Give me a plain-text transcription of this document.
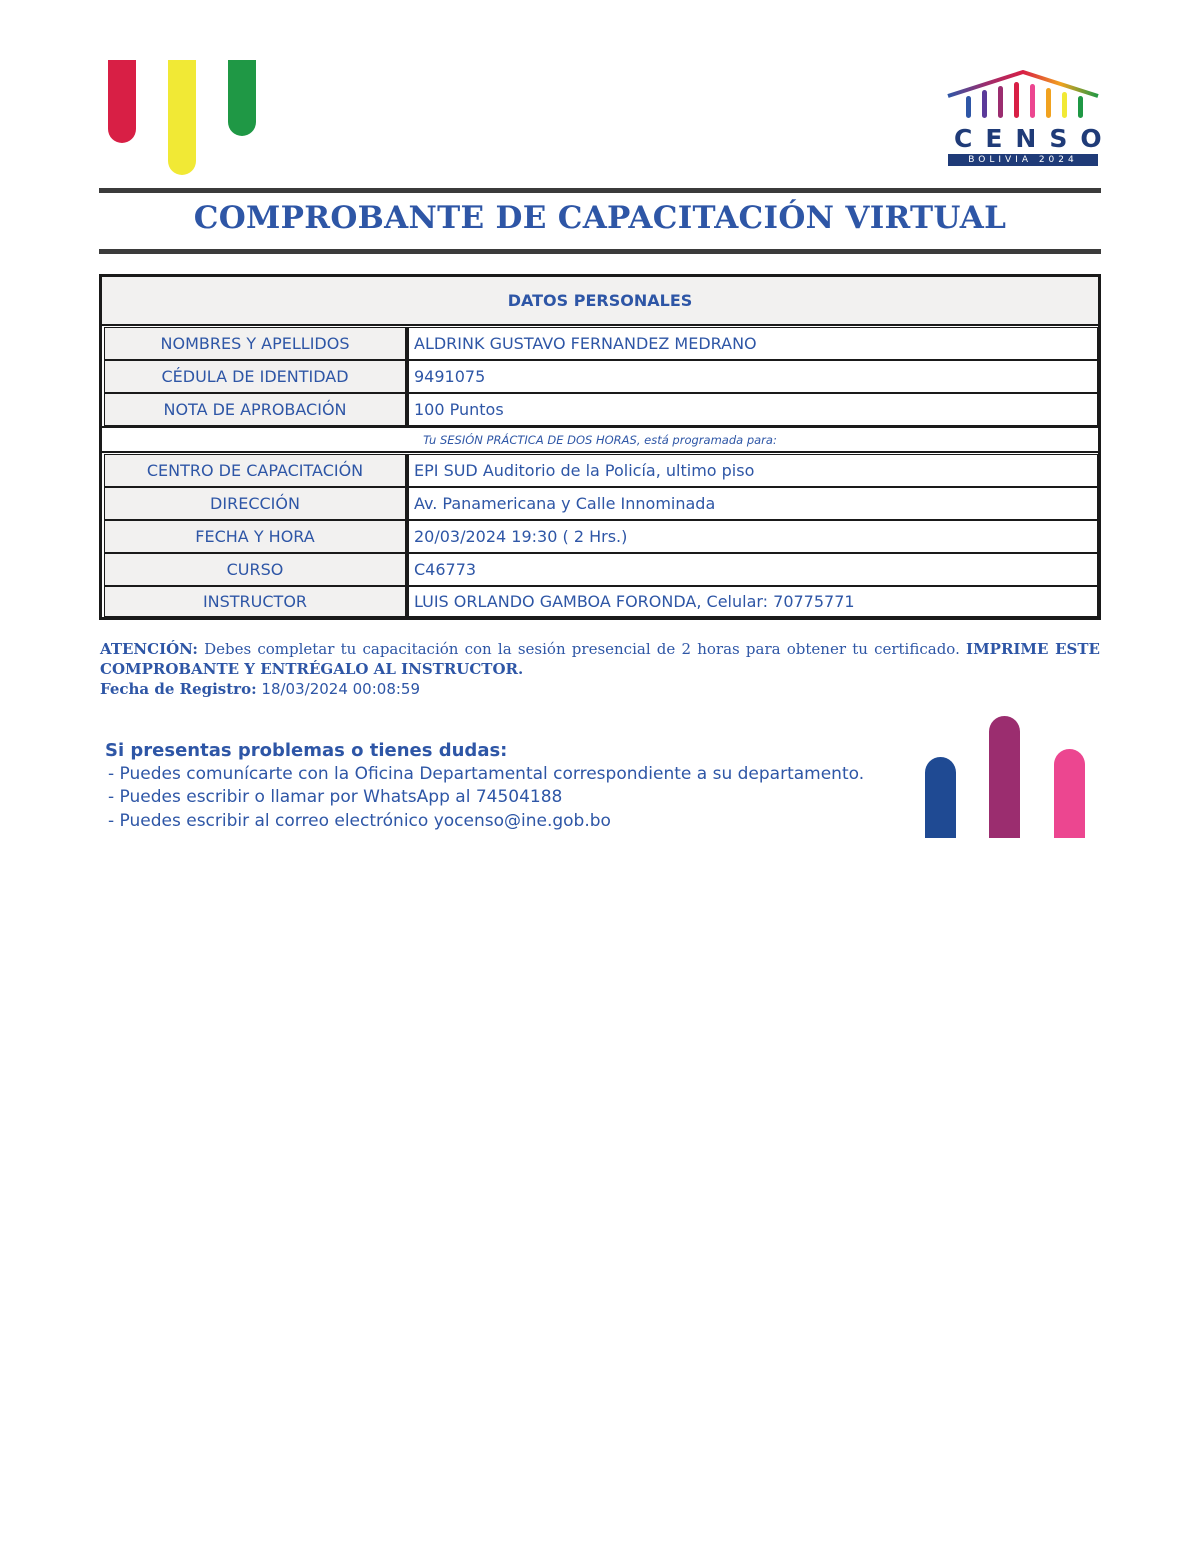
CENSO
BOLIVIA 2024
COMPROBANTE DE CAPACITACIÓN VIRTUAL
DATOS PERSONALES
NOMBRES Y APELLIDOS	ALDRINK GUSTAVO FERNANDEZ MEDRANO
CÉDULA DE IDENTIDAD	9491075
NOTA DE APROBACIÓN	100 Puntos
Tu SESIÓN PRÁCTICA DE DOS HORAS, está programada para:
CENTRO DE CAPACITACIÓN	EPI SUD Auditorio de la Policía, ultimo piso
DIRECCIÓN	Av. Panamericana y Calle Innominada
FECHA Y HORA	20/03/2024 19:30 ( 2 Hrs.)
CURSO	C46773
INSTRUCTOR	LUIS ORLANDO GAMBOA FORONDA, Celular: 70775771
ATENCIÓN: Debes completar tu capacitación con la sesión presencial de 2 horas para obtener tu certificado. IMPRIME ESTE COMPROBANTE Y ENTRÉGALO AL INSTRUCTOR.
Fecha de Registro: 18/03/2024 00:08:59
Si presentas problemas o tienes dudas:
- Puedes comunícarte con la Oficina Departamental correspondiente a su departamento.
- Puedes escribir o llamar por WhatsApp al 74504188
- Puedes escribir al correo electrónico yocenso@ine.gob.bo
